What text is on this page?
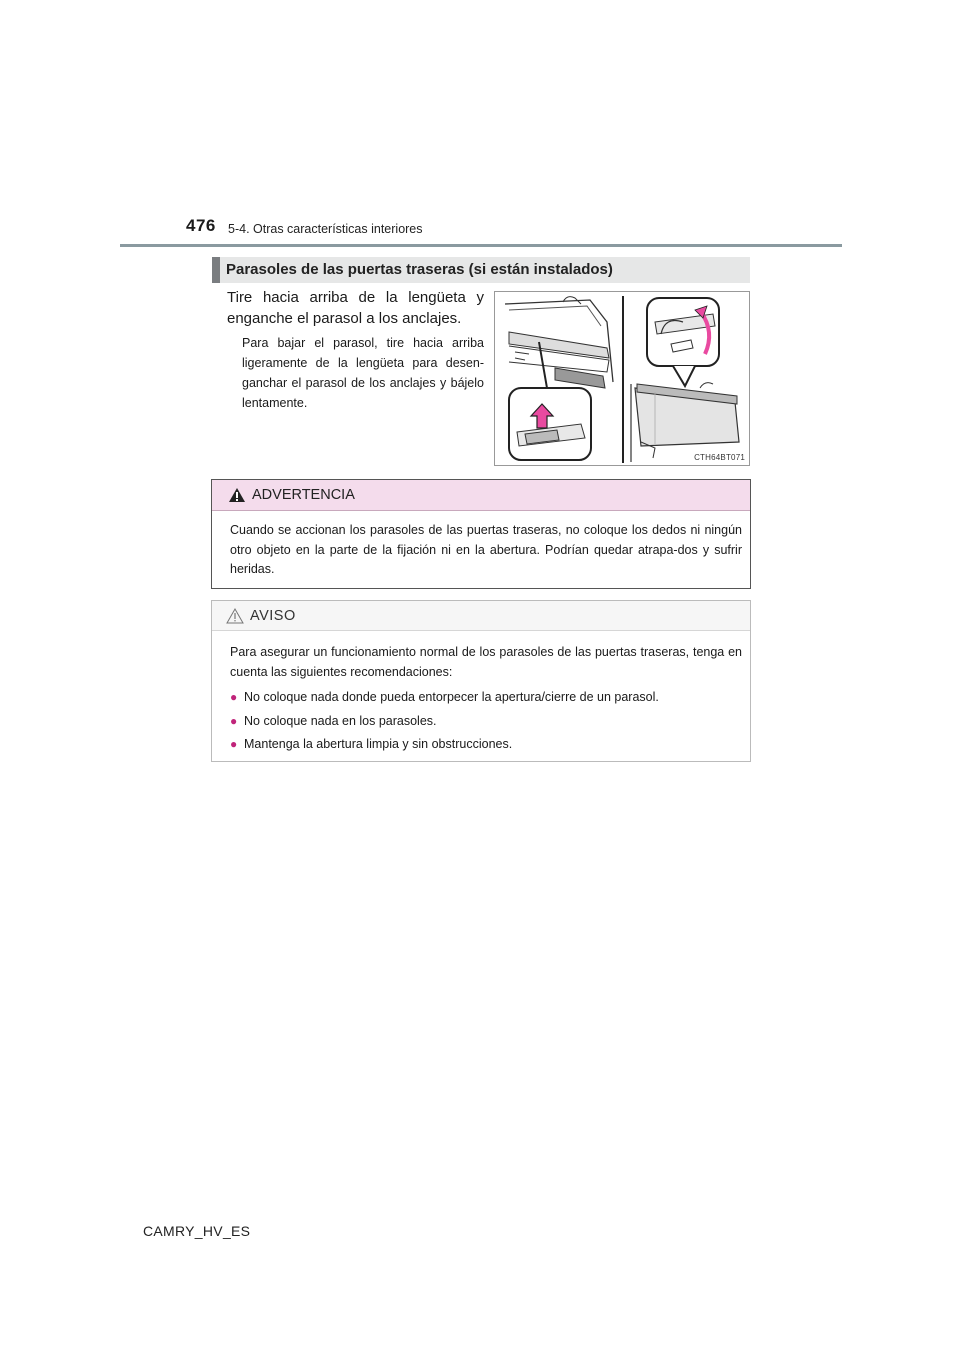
476 5-4. Otras características interiores
Parasoles de las puertas traseras (si están instalados)
Tire hacia arriba de la lengüeta y enganche el parasol a los anclajes.
Para bajar el parasol, tire hacia arriba ligeramente de la lengüeta para desen-ganchar el parasol de los anclajes y bájelo lentamente.
CTH64BT071
ADVERTENCIA
Cuando se accionan los parasoles de las puertas traseras, no coloque los dedos ni ningún otro objeto en la parte de la fijación ni en la abertura. Podrían quedar atrapa-dos y sufrir heridas.
AVISO
Para asegurar un funcionamiento normal de los parasoles de las puertas traseras, tenga en cuenta las siguientes recomendaciones:
● No coloque nada donde pueda entorpecer la apertura/cierre de un parasol.
● No coloque nada en los parasoles.
● Mantenga la abertura limpia y sin obstrucciones.
CAMRY_HV_ES
